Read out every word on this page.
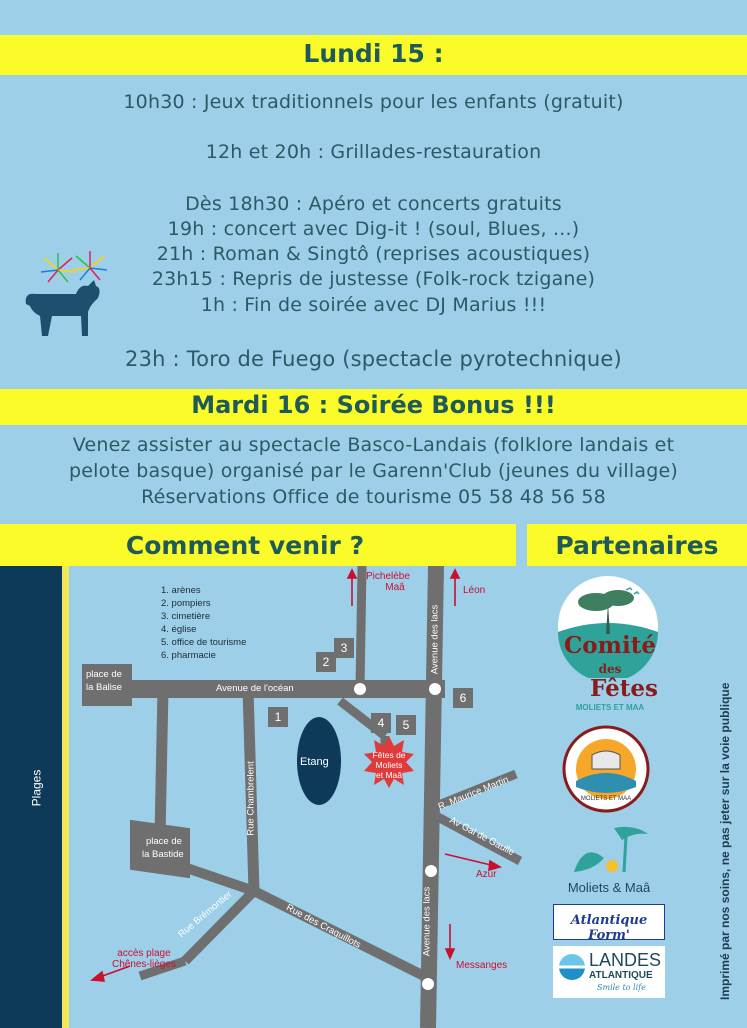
Lundi 15 :
10h30 : Jeux traditionnels pour les enfants (gratuit)
12h et 20h : Grillades-restauration
Dès 18h30 : Apéro et concerts gratuits
19h : concert avec Dig-it ! (soul, Blues, ...)
21h : Roman & Singtô (reprises acoustiques)
23h15 : Repris de justesse (Folk-rock tzigane)
1h : Fin de soirée avec DJ Marius !!!
23h : Toro de Fuego (spectacle pyrotechnique)
Mardi 16 : Soirée Bonus !!!
Venez assister au spectacle Basco-Landais (folklore landais et
pelote basque) organisé par le Garenn'Club (jeunes du village)
Réservations Office de tourisme 05 58 48 56 58
Comment venir ?	Partenaires
Plages
1. arènes
2. pompiers
3. cimetière
4. église
5. office de tourisme
6. pharmacie
place de
la Balise
place de
la Bastide
Avenue de l'océan
Avenue des lacs
Avenue des lacs
Rue Chambrelent
Rue Brémontier	Rue des Craquillots
R. Maurice Martin
Av Gal de Gaulle
Etang
Fêtes de
Moliets
et Maâ
1
2
3
4	5
6
Pichelèbe
Maâ	Léon
Azur
Messanges
accès plage
Chênes-lièges
Comité des
Fêtes
MOLIETS ET MAA
MOLIETS ET MAA
Moliets & Maâ
Atlantique Form'
LANDES
ATLANTIQUE
Smile to life	Imprimé par nos soins, ne pas jeter sur la voie publique
